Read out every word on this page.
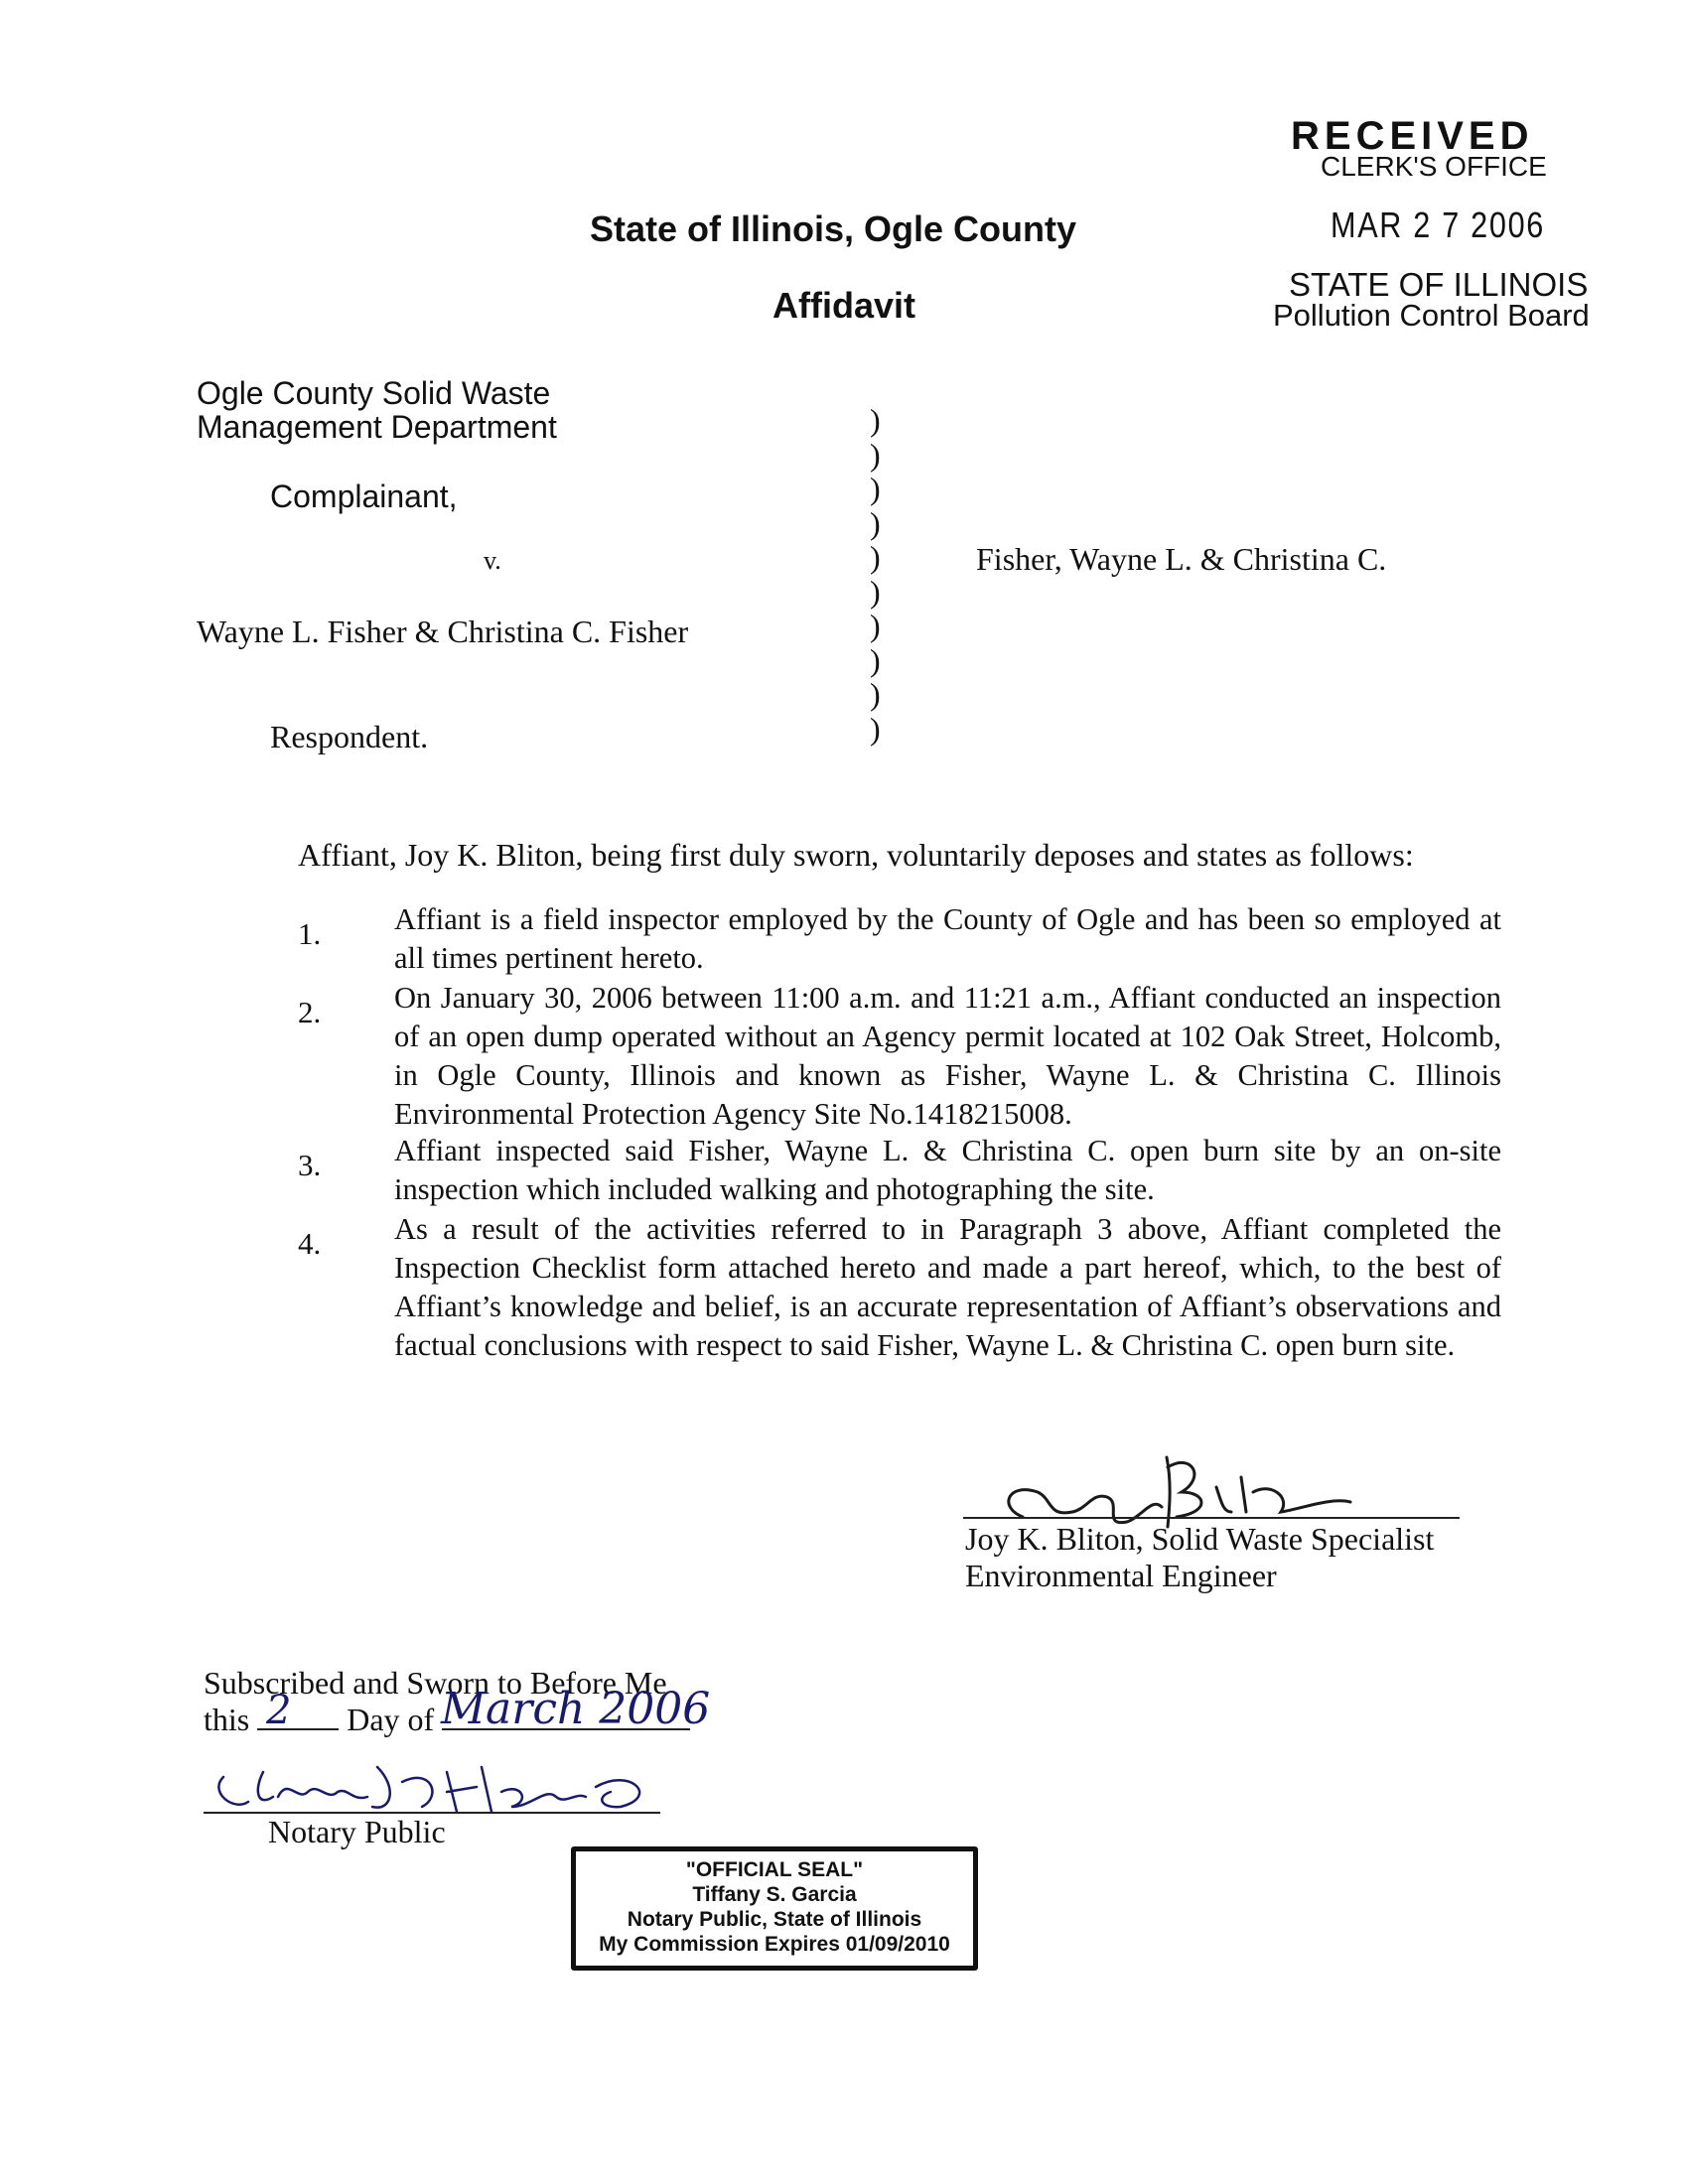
RECEIVED
CLERK'S OFFICE
MAR 2 7 2006
STATE OF ILLINOIS
Pollution Control Board
State of Illinois, Ogle County
Affidavit
Ogle County Solid Waste
Management Department
Complainant,
v.
Wayne L. Fisher & Christina C. Fisher
Respondent.
Fisher, Wayne L. & Christina C.
)
)
)
)
)
)
)
)
)
)
Affiant, Joy K. Bliton, being first duly sworn, voluntarily deposes and states as follows:
1. Affiant is a field inspector employed by the County of Ogle and has been so employed at all times pertinent hereto.
2. On January 30, 2006 between 11:00 a.m. and 11:21 a.m., Affiant conducted an inspection of an open dump operated without an Agency permit located at 102 Oak Street, Holcomb, in Ogle County, Illinois and known as Fisher, Wayne L. & Christina C. Illinois Environmental Protection Agency Site No.1418215008.
3. Affiant inspected said Fisher, Wayne L. & Christina C. open burn site by an on-site inspection which included walking and photographing the site.
4. As a result of the activities referred to in Paragraph 3 above, Affiant completed the Inspection Checklist form attached hereto and made a part hereof, which, to the best of Affiant’s knowledge and belief, is an accurate representation of Affiant’s observations and factual conclusions with respect to said Fisher, Wayne L. & Christina C. open burn site.
Joy K. Bliton, Solid Waste Specialist
Environmental Engineer
Subscribed and Sworn to Before Me
this	Day of
2	March 2006
Notary Public
"OFFICIAL SEAL"
Tiffany S. Garcia
Notary Public, State of Illinois
My Commission Expires 01/09/2010
